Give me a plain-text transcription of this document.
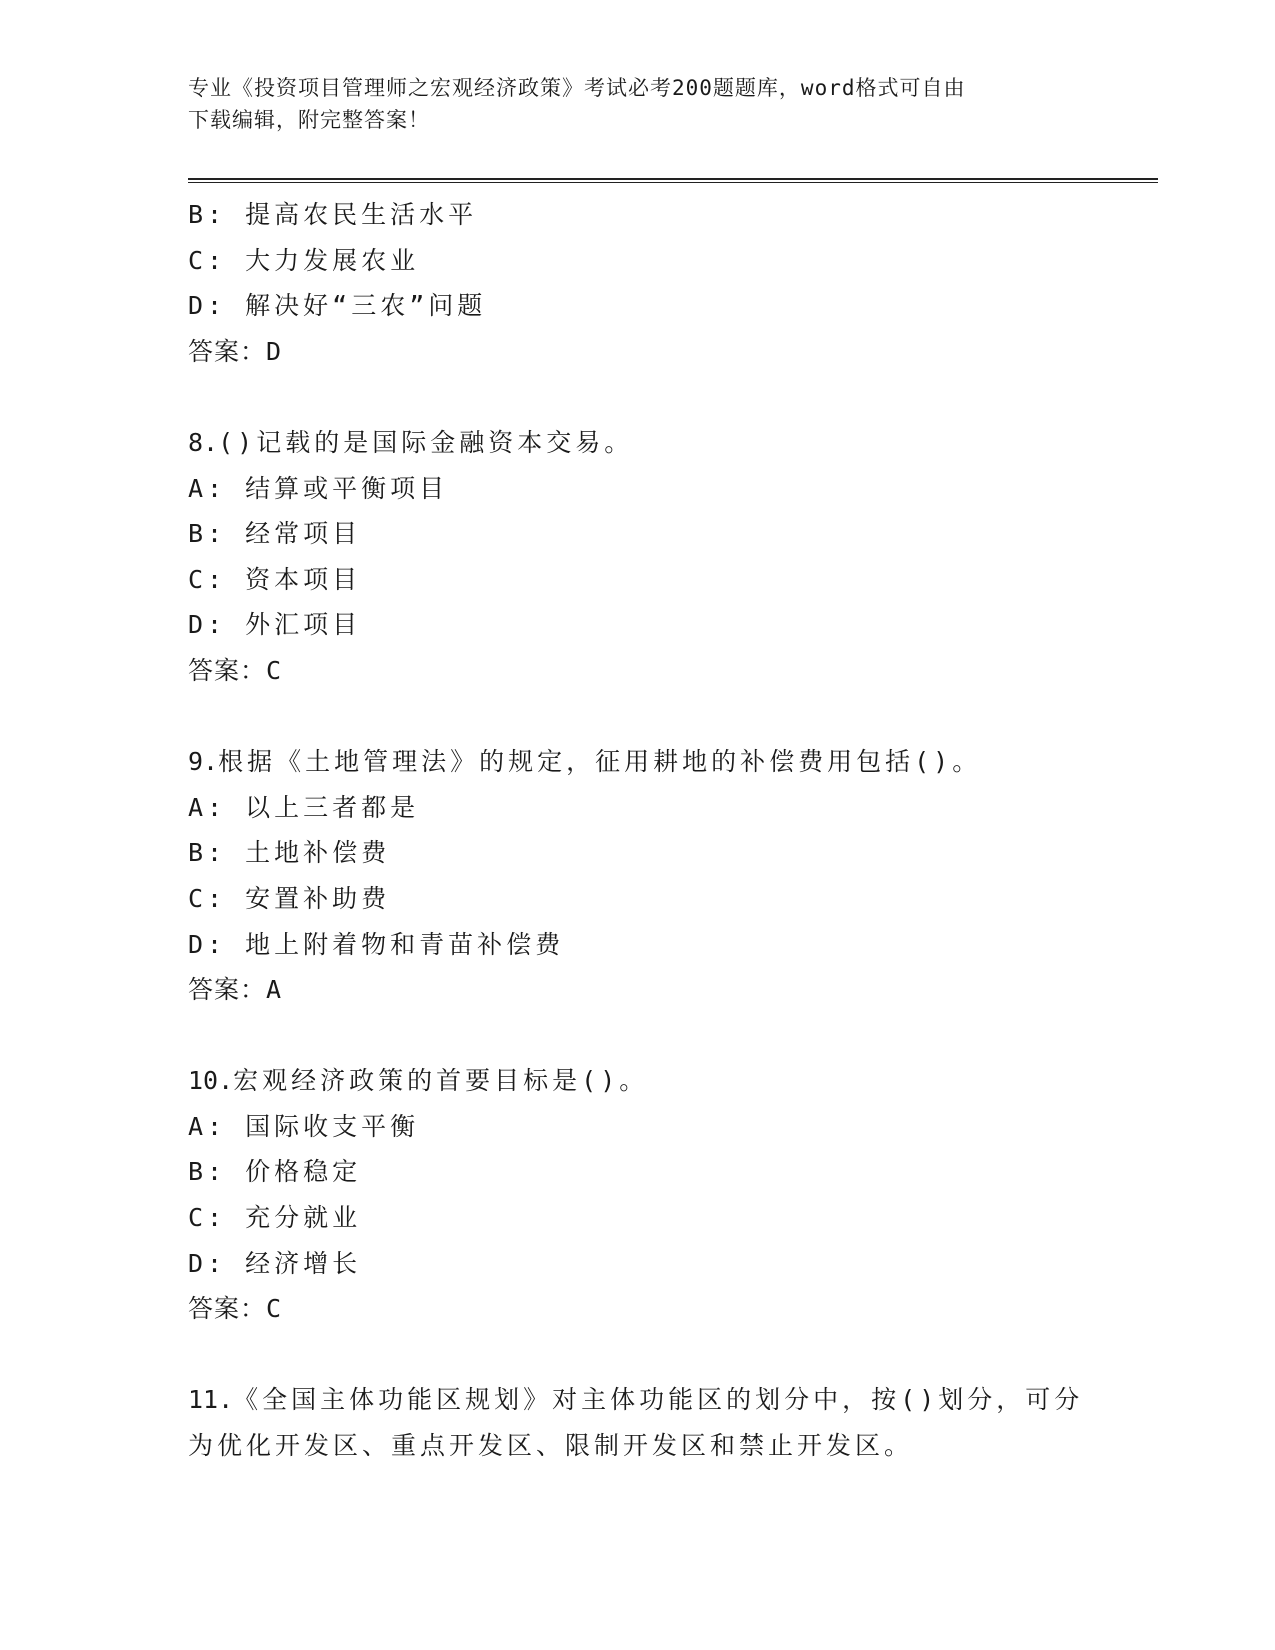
专业《投资项目管理师之宏观经济政策》考试必考200题题库，word格式可自由
下载编辑，附完整答案！
B: 提高农民生活水平
C: 大力发展农业
D: 解决好“三农”问题
答案：D
8.()记载的是国际金融资本交易。
A: 结算或平衡项目
B: 经常项目
C: 资本项目
D: 外汇项目
答案：C
9.根据《土地管理法》的规定，征用耕地的补偿费用包括()。
A: 以上三者都是
B: 土地补偿费
C: 安置补助费
D: 地上附着物和青苗补偿费
答案：A
10.宏观经济政策的首要目标是()。
A: 国际收支平衡
B: 价格稳定
C: 充分就业
D: 经济增长
答案：C
11.《全国主体功能区规划》对主体功能区的划分中，按()划分，可分
为优化开发区、重点开发区、限制开发区和禁止开发区。
